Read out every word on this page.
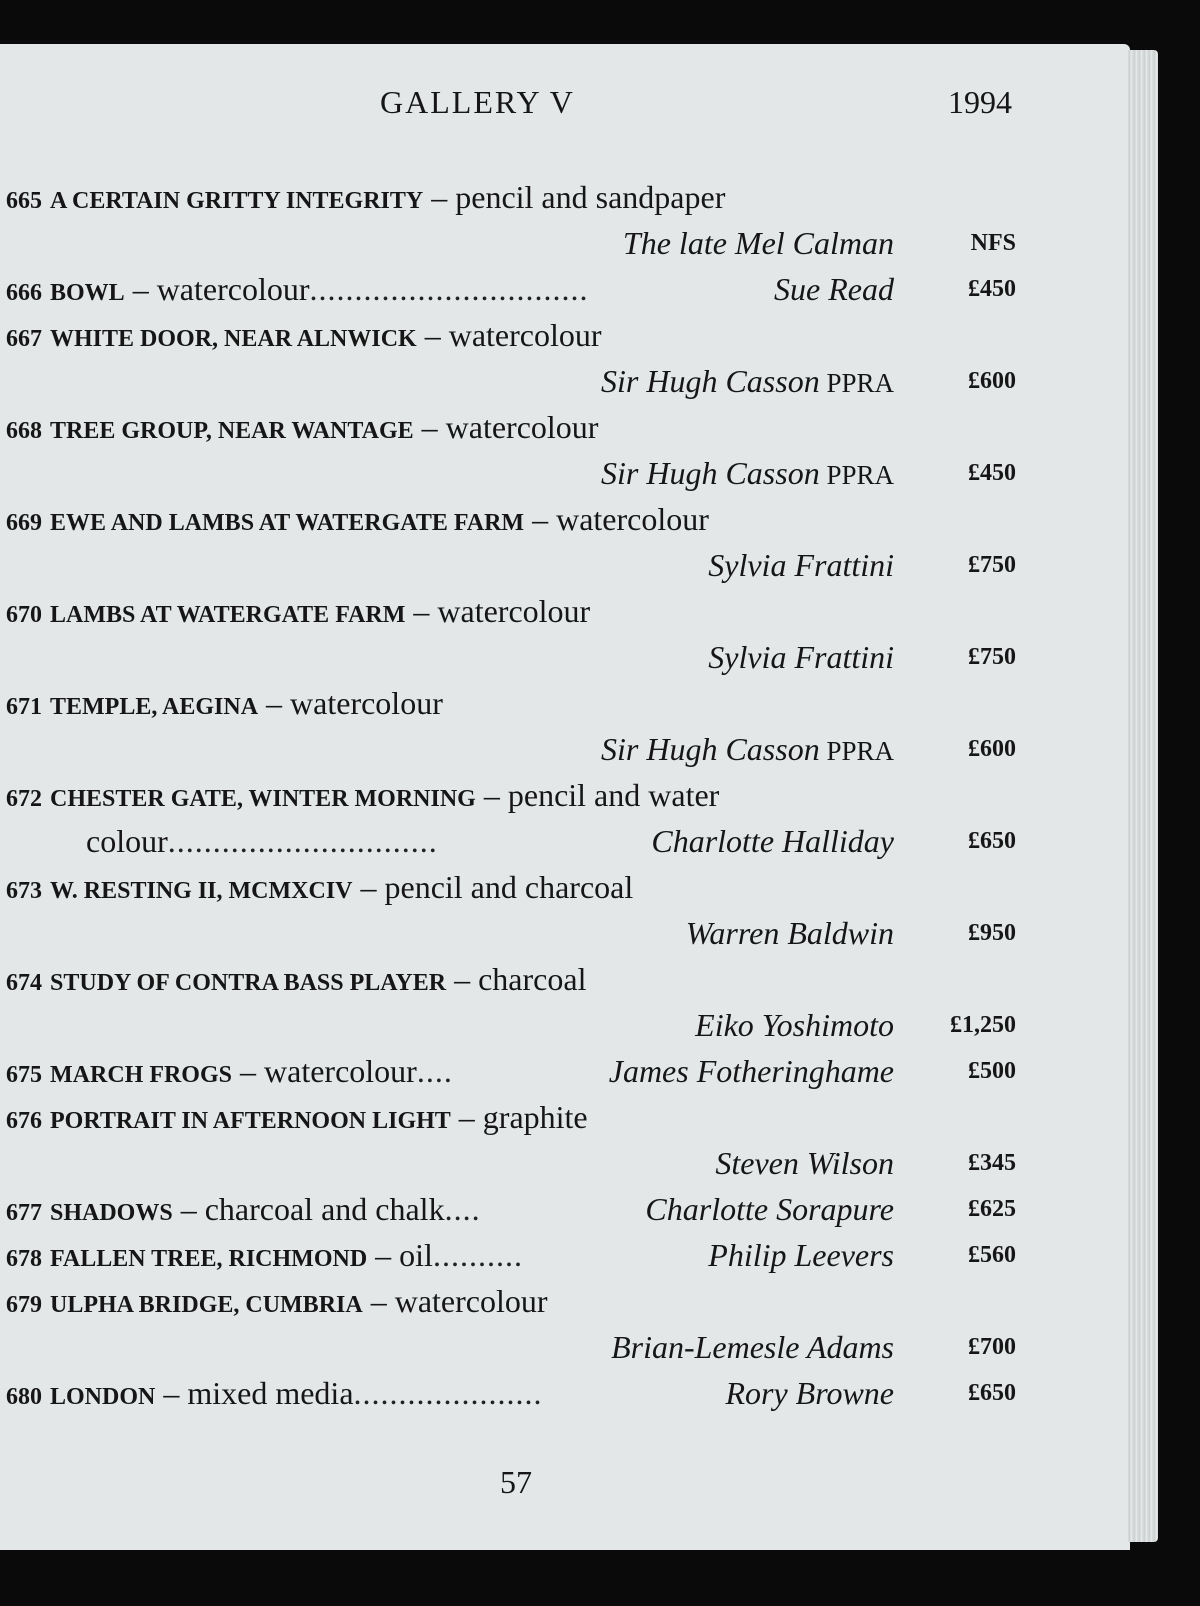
GALLERY V	1994
665 A CERTAIN GRITTY INTEGRITY – pencil and sandpaper
The late Mel Calman	NFS
666 BOWL – watercolour...............................	Sue Read	£450
667 WHITE DOOR, NEAR ALNWICK – watercolour
Sir Hugh Casson PPRA	£600
668 TREE GROUP, NEAR WANTAGE – watercolour
Sir Hugh Casson PPRA	£450
669 EWE AND LAMBS AT WATERGATE FARM – watercolour
Sylvia Frattini	£750
670 LAMBS AT WATERGATE FARM – watercolour
Sylvia Frattini	£750
671 TEMPLE, AEGINA – watercolour
Sir Hugh Casson PPRA	£600
672 CHESTER GATE, WINTER MORNING – pencil and water
colour..............................	Charlotte Halliday	£650
673 W. RESTING II, MCMXCIV – pencil and charcoal
Warren Baldwin	£950
674 STUDY OF CONTRA BASS PLAYER – charcoal
Eiko Yoshimoto £1,250
675 MARCH FROGS – watercolour....	James Fotheringhame	£500
676 PORTRAIT IN AFTERNOON LIGHT – graphite
Steven Wilson	£345
677 SHADOWS – charcoal and chalk....	Charlotte Sorapure	£625
678 FALLEN TREE, RICHMOND – oil..........	Philip Leevers	£560
679 ULPHA BRIDGE, CUMBRIA – watercolour
Brian-Lemesle Adams	£700
680 LONDON – mixed media.....................	Rory Browne	£650
57
